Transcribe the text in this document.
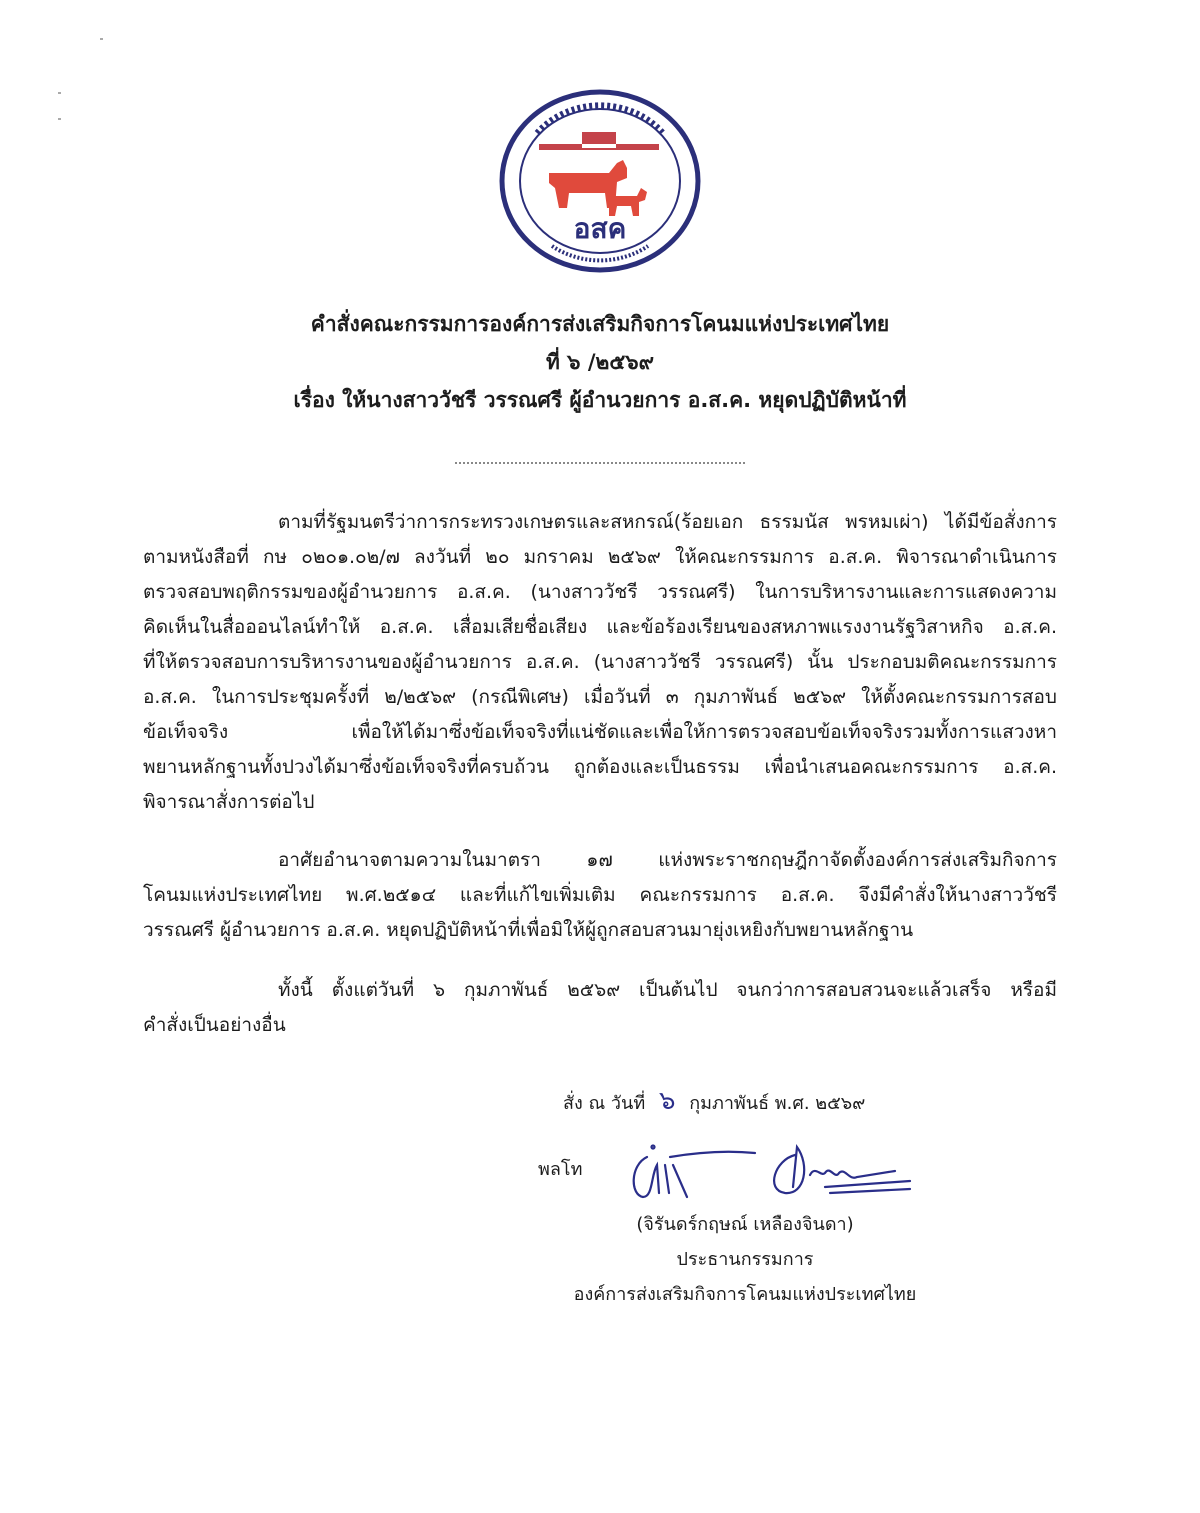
อสค
คำสั่งคณะกรรมการองค์การส่งเสริมกิจการโคนมแห่งประเทศไทย
ที่ ๖ /๒๕๖๙
เรื่อง ให้นางสาววัชรี วรรณศรี ผู้อำนวยการ อ.ส.ค. หยุดปฏิบัติหน้าที่
ตามที่รัฐมนตรีว่าการกระทรวงเกษตรและสหกรณ์(ร้อยเอก ธรรมนัส พรหมเผ่า) ได้มีข้อสั่งการ
ตามหนังสือที่ กษ ๐๒๐๑.๐๒/๗ ลงวันที่ ๒๐ มกราคม ๒๕๖๙ ให้คณะกรรมการ อ.ส.ค. พิจารณาดำเนินการ
ตรวจสอบพฤติกรรมของผู้อำนวยการ อ.ส.ค. (นางสาววัชรี วรรณศรี) ในการบริหารงานและการแสดงความ
คิดเห็นในสื่อออนไลน์ทำให้ อ.ส.ค. เสื่อมเสียชื่อเสียง และข้อร้องเรียนของสหภาพแรงงานรัฐวิสาหกิจ อ.ส.ค.
ที่ให้ตรวจสอบการบริหารงานของผู้อำนวยการ อ.ส.ค. (นางสาววัชรี วรรณศรี) นั้น ประกอบมติคณะกรรมการ
อ.ส.ค. ในการประชุมครั้งที่ ๒/๒๕๖๙ (กรณีพิเศษ) เมื่อวันที่ ๓ กุมภาพันธ์ ๒๕๖๙ ให้ตั้งคณะกรรมการสอบ
ข้อเท็จจริง เพื่อให้ได้มาซึ่งข้อเท็จจริงที่แน่ชัดและเพื่อให้การตรวจสอบข้อเท็จจริงรวมทั้งการแสวงหา
พยานหลักฐานทั้งปวงได้มาซึ่งข้อเท็จจริงที่ครบถ้วน ถูกต้องและเป็นธรรม เพื่อนำเสนอคณะกรรมการ อ.ส.ค.
พิจารณาสั่งการต่อไป
อาศัยอำนาจตามความในมาตรา ๑๗ แห่งพระราชกฤษฎีกาจัดตั้งองค์การส่งเสริมกิจการ
โคนมแห่งประเทศไทย พ.ศ.๒๕๑๔ และที่แก้ไขเพิ่มเติม คณะกรรมการ อ.ส.ค. จึงมีคำสั่งให้นางสาววัชรี
วรรณศรี ผู้อำนวยการ อ.ส.ค. หยุดปฏิบัติหน้าที่เพื่อมิให้ผู้ถูกสอบสวนมายุ่งเหยิงกับพยานหลักฐาน
ทั้งนี้ ตั้งแต่วันที่ ๖ กุมภาพันธ์ ๒๕๖๙ เป็นต้นไป จนกว่าการสอบสวนจะแล้วเสร็จ หรือมี
คำสั่งเป็นอย่างอื่น
สั่ง ณ วันที่ ๖ กุมภาพันธ์ พ.ศ. ๒๕๖๙
พลโท
(จิรันดร์กฤษณ์ เหลืองจินดา)
ประธานกรรมการ
องค์การส่งเสริมกิจการโคนมแห่งประเทศไทย
